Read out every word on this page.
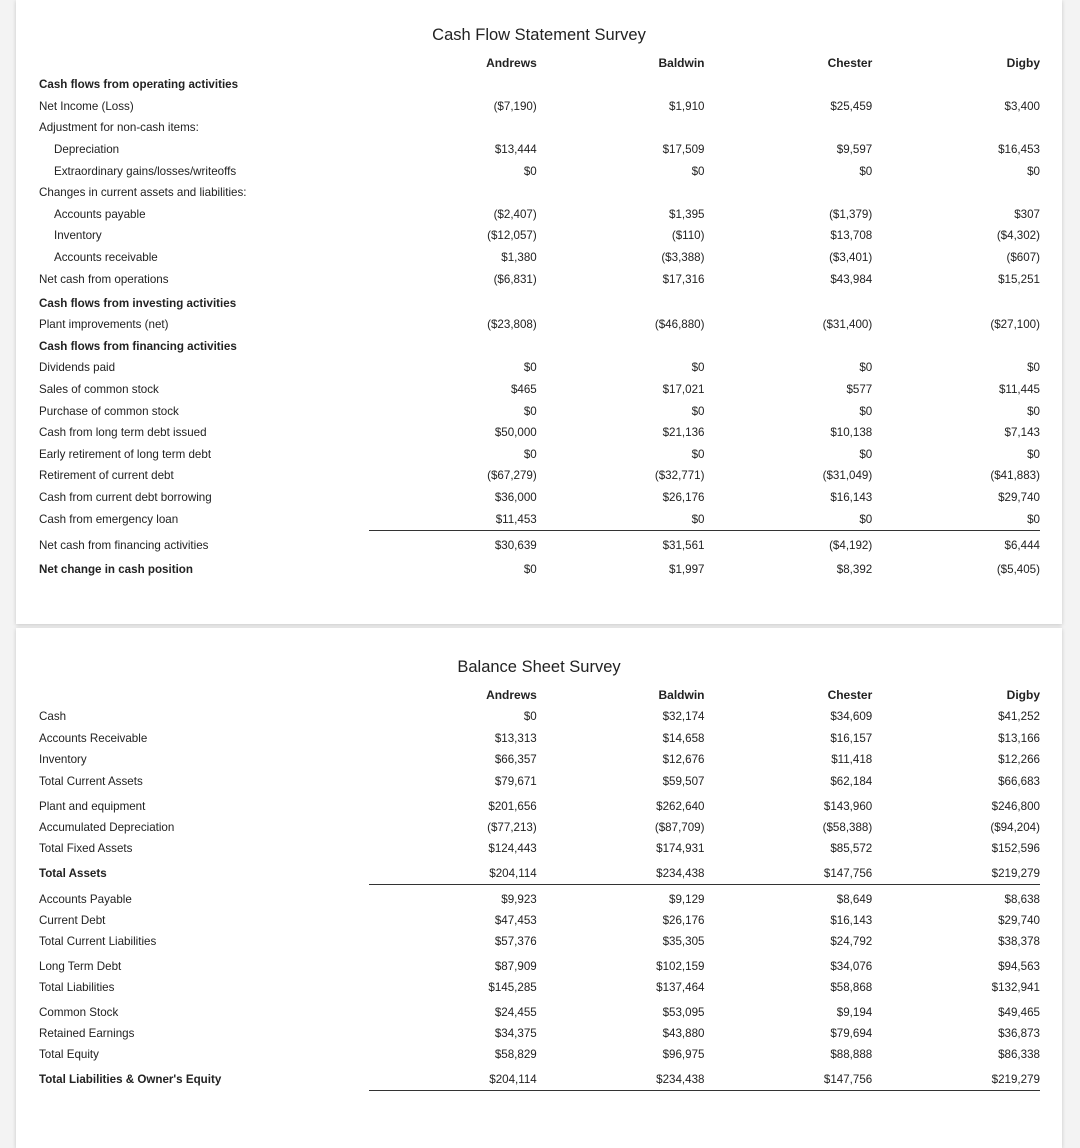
Cash Flow Statement Survey
	Andrews	Baldwin	Chester	Digby
Cash flows from operating activities				
Net Income (Loss)	($7,190)	$1,910	$25,459	$3,400
Adjustment for non-cash items:				
Depreciation	$13,444	$17,509	$9,597	$16,453
Extraordinary gains/losses/writeoffs	$0	$0	$0	$0
Changes in current assets and liabilities:				
Accounts payable	($2,407)	$1,395	($1,379)	$307
Inventory	($12,057)	($110)	$13,708	($4,302)
Accounts receivable	$1,380	($3,388)	($3,401)	($607)
Net cash from operations	($6,831)	$17,316	$43,984	$15,251
Cash flows from investing activities				
Plant improvements (net)	($23,808)	($46,880)	($31,400)	($27,100)
Cash flows from financing activities				
Dividends paid	$0	$0	$0	$0
Sales of common stock	$465	$17,021	$577	$11,445
Purchase of common stock	$0	$0	$0	$0
Cash from long term debt issued	$50,000	$21,136	$10,138	$7,143
Early retirement of long term debt	$0	$0	$0	$0
Retirement of current debt	($67,279)	($32,771)	($31,049)	($41,883)
Cash from current debt borrowing	$36,000	$26,176	$16,143	$29,740
Cash from emergency loan	$11,453	$0	$0	$0
Net cash from financing activities	$30,639	$31,561	($4,192)	$6,444
Net change in cash position	$0	$1,997	$8,392	($5,405)
Balance Sheet Survey
	Andrews	Baldwin	Chester	Digby
Cash	$0	$32,174	$34,609	$41,252
Accounts Receivable	$13,313	$14,658	$16,157	$13,166
Inventory	$66,357	$12,676	$11,418	$12,266
Total Current Assets	$79,671	$59,507	$62,184	$66,683
Plant and equipment	$201,656	$262,640	$143,960	$246,800
Accumulated Depreciation	($77,213)	($87,709)	($58,388)	($94,204)
Total Fixed Assets	$124,443	$174,931	$85,572	$152,596
Total Assets	$204,114	$234,438	$147,756	$219,279
Accounts Payable	$9,923	$9,129	$8,649	$8,638
Current Debt	$47,453	$26,176	$16,143	$29,740
Total Current Liabilities	$57,376	$35,305	$24,792	$38,378
Long Term Debt	$87,909	$102,159	$34,076	$94,563
Total Liabilities	$145,285	$137,464	$58,868	$132,941
Common Stock	$24,455	$53,095	$9,194	$49,465
Retained Earnings	$34,375	$43,880	$79,694	$36,873
Total Equity	$58,829	$96,975	$88,888	$86,338
Total Liabilities & Owner's Equity	$204,114	$234,438	$147,756	$219,279
